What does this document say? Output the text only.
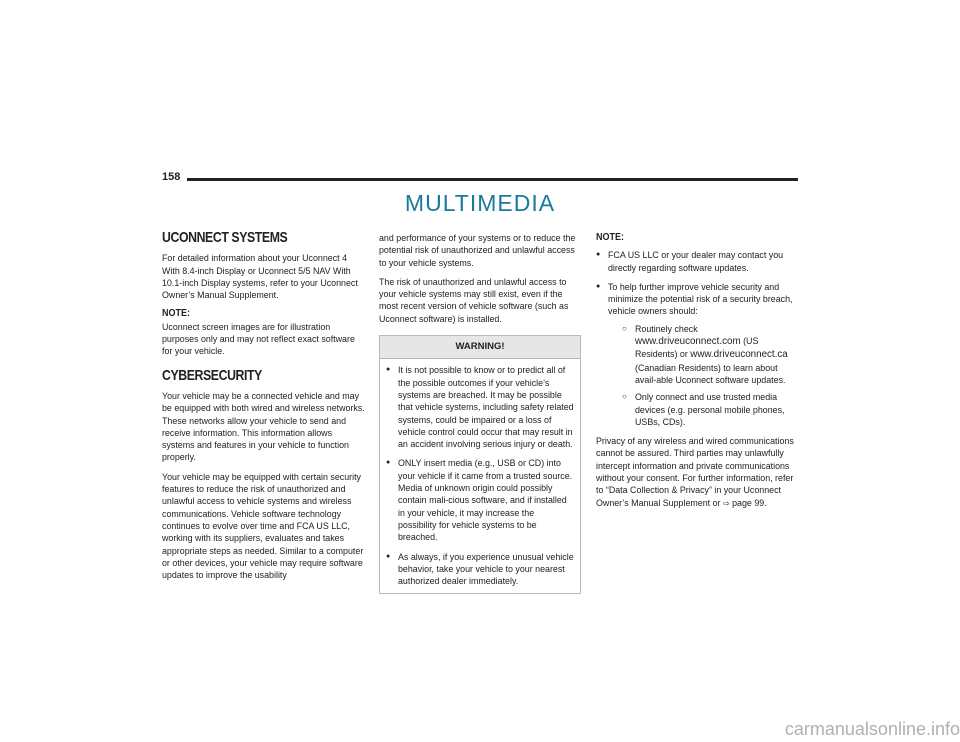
158
MULTIMEDIA
UCONNECT SYSTEMS

For detailed information about your Uconnect 4 With 8.4-inch Display or Uconnect 5/5 NAV With 10.1-inch Display systems, refer to your Uconnect Owner’s Manual Supplement.

NOTE:

Uconnect screen images are for illustration purposes only and may not reflect exact software for your vehicle.

CYBERSECURITY

Your vehicle may be a connected vehicle and may be equipped with both wired and wireless networks. These networks allow your vehicle to send and receive information. This information allows systems and features in your vehicle to function properly.

Your vehicle may be equipped with certain security features to reduce the risk of unauthorized and unlawful access to vehicle systems and wireless communications. Vehicle software technology continues to evolve over time and FCA US LLC, working with its suppliers, evaluates and takes appropriate steps as needed. Similar to a computer or other devices, your vehicle may require software updates to improve the usability

and performance of your systems or to reduce the potential risk of unauthorized and unlawful access to your vehicle systems.

The risk of unauthorized and unlawful access to your vehicle systems may still exist, even if the most recent version of vehicle software (such as Uconnect software) is installed.

WARNING!
● It is not possible to know or to predict all of the possible outcomes if your vehicle’s systems are breached. It may be possible that vehicle systems, including safety related systems, could be impaired or a loss of vehicle control could occur that may result in an accident involving serious injury or death.
● ONLY insert media (e.g., USB or CD) into your vehicle if it came from a trusted source. Media of unknown origin could possibly contain mali-cious software, and if installed in your vehicle, it may increase the possibility for vehicle systems to be breached.
● As always, if you experience unusual vehicle behavior, take your vehicle to your nearest authorized dealer immediately.
NOTE:
● FCA US LLC or your dealer may contact you directly regarding software updates.
● To help further improve vehicle security and minimize the potential risk of a security breach, vehicle owners should:
○ Routinely check www.driveuconnect.com (US Residents) or www.driveuconnect.ca (Canadian Residents) to learn about avail-able Uconnect software updates.
○ Only connect and use trusted media devices (e.g. personal mobile phones, USBs, CDs).

Privacy of any wireless and wired communications cannot be assured. Third parties may unlawfully intercept information and private communications without your consent. For further information, refer to “Data Collection & Privacy” in your Uconnect Owner’s Manual Supplement or ⇨ page 99.

carmanualsonline.info
